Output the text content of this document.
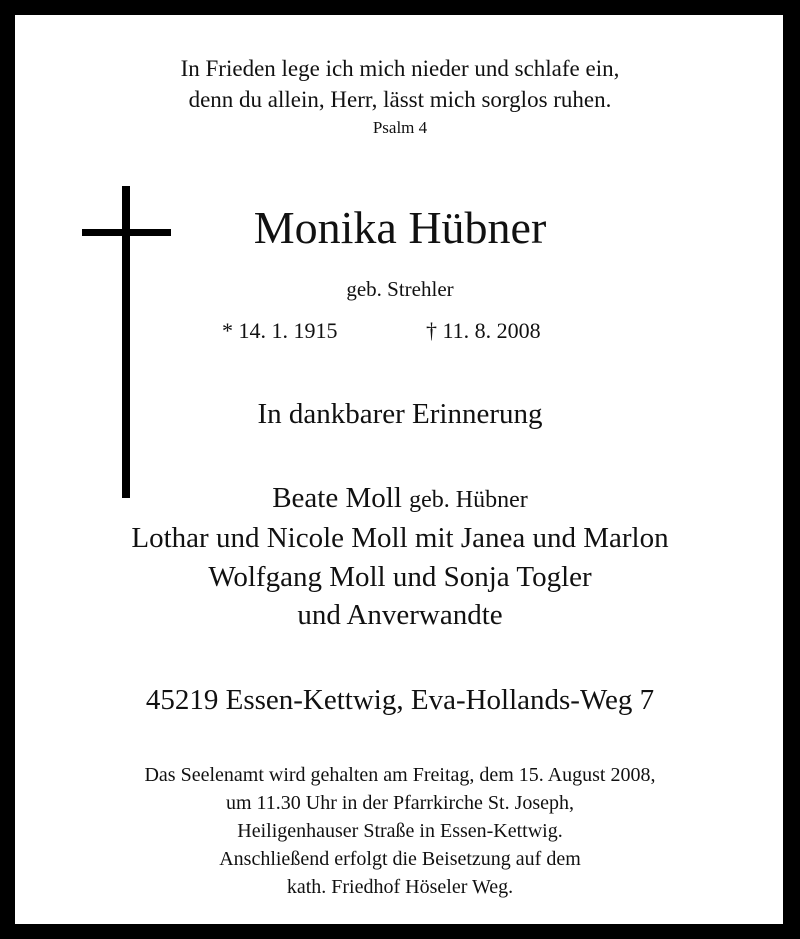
In Frieden lege ich mich nieder und schlafe ein,

denn du allein, Herr, lässt mich sorglos ruhen.

Psalm 4

Monika Hübner

geb. Strehler

* 14. 1. 1915	† 11. 8. 2008

In dankbarer Erinnerung

Beate Moll geb. Hübner

Lothar und Nicole Moll mit Janea und Marlon

Wolfgang Moll und Sonja Togler

und Anverwandte

45219 Essen-Kettwig, Eva-Hollands-Weg 7

Das Seelenamt wird gehalten am Freitag, dem 15. August 2008,

um 11.30 Uhr in der Pfarrkirche St. Joseph,

Heiligenhauser Straße in Essen-Kettwig.

Anschließend erfolgt die Beisetzung auf dem

kath. Friedhof Höseler Weg.
